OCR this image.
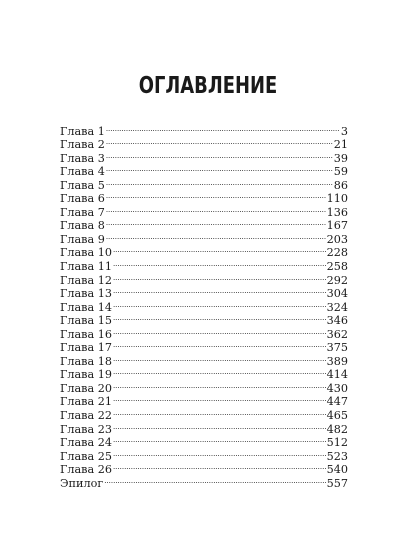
ОГЛАВЛЕНИЕ
Глава 1 .....	3
Глава 2 .....	21
Глава 3 .....	39
Глава 4 .....	59
Глава 5 .....	86
Глава 6 .....	110
Глава 7 .....	136
Глава 8 .....	167
Глава 9 .....	203
Глава 10 .....	228
Глава 11 .....	258
Глава 12 .....	292
Глава 13 .....	304
Глава 14 .....	324
Глава 15 .....	346
Глава 16 .....	362
Глава 17 .....	375
Глава 18 .....	389
Глава 19 .....	414
Глава 20 .....	430
Глава 21 .....	447
Глава 22 .....	465
Глава 23 .....	482
Глава 24 .....	512
Глава 25 .....	523
Глава 26 .....	540
Эпилог .....	557
